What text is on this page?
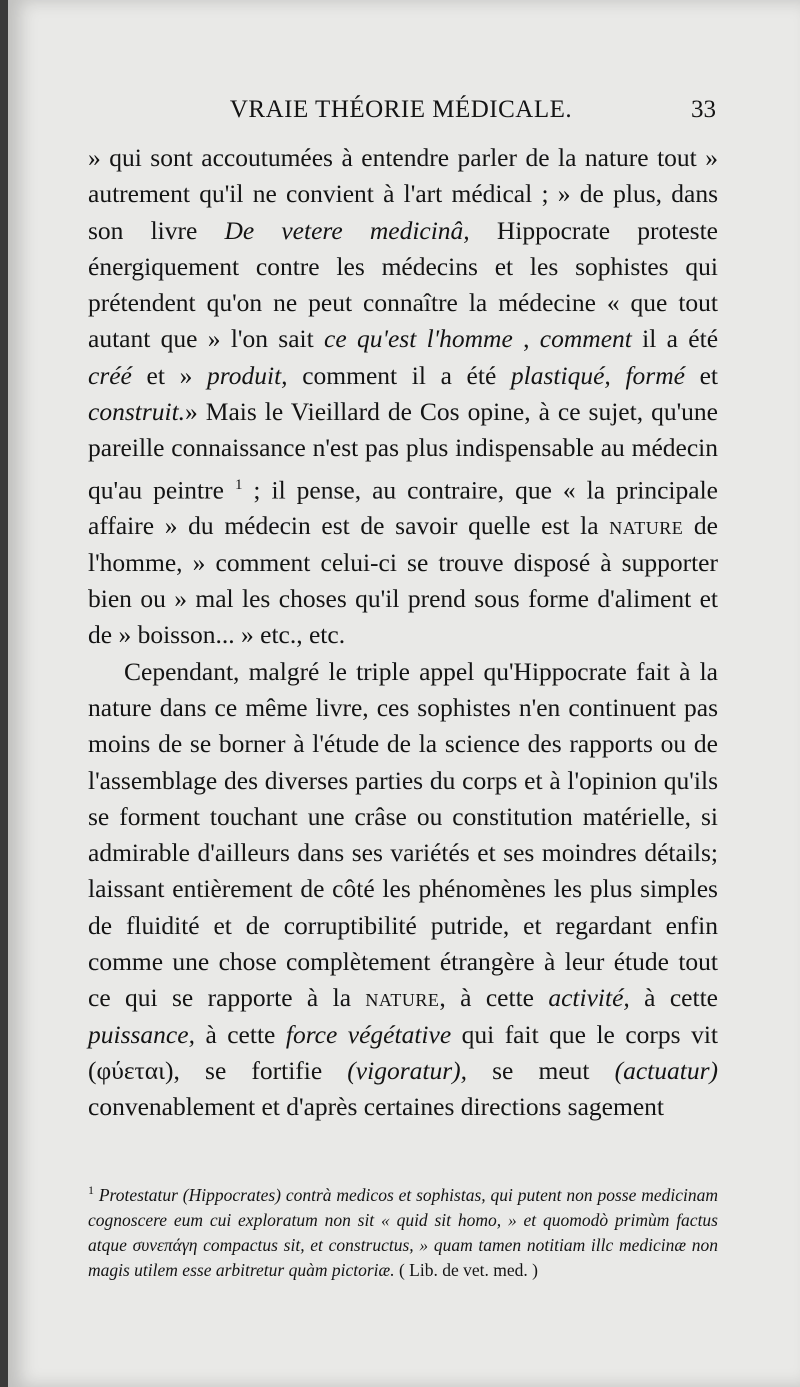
VRAIE THÉORIE MÉDICALE.	33

» qui sont accoutumées à entendre parler de la nature tout » autrement qu'il ne convient à l'art médical ; » de plus, dans son livre De vetere medicinâ, Hippocrate proteste énergiquement contre les médecins et les sophistes qui prétendent qu'on ne peut connaître la médecine « que tout autant que » l'on sait ce qu'est l'homme , comment il a été créé et » produit, comment il a été plastiqué, formé et construit.» Mais le Vieillard de Cos opine, à ce sujet, qu'une pareille connaissance n'est pas plus indispensable au médecin qu'au peintre $^1$ ; il pense, au contraire, que « la principale affaire » du médecin est de savoir quelle est la nature de l'homme, » comment celui-ci se trouve disposé à supporter bien ou » mal les choses qu'il prend sous forme d'aliment et de » boisson... » etc., etc.

Cependant, malgré le triple appel qu'Hippocrate fait à la nature dans ce même livre, ces sophistes n'en continuent pas moins de se borner à l'étude de la science des rapports ou de l'assemblage des diverses parties du corps et à l'opinion qu'ils se forment touchant une crâse ou constitution matérielle, si admirable d'ailleurs dans ses variétés et ses moindres détails; laissant entièrement de côté les phénomènes les plus simples de fluidité et de corruptibilité putride, et regardant enfin comme une chose complètement étrangère à leur étude tout ce qui se rapporte à la nature, à cette activité, à cette puissance, à cette force végétative qui fait que le corps vit (φύεται), se fortifie (vigoratur), se meut (actuatur) convenablement et d'après certaines directions sagement

$^1$ Protestatur (Hippocrates) contrà medicos et sophistas, qui putent non posse medicinam cognoscere eum cui exploratum non sit « quid sit homo, » et quomodò primùm factus atque συνεπάγη compactus sit, et constructus, » quam tamen notitiam illc medicinæ non magis utilem esse arbitretur quàm pictoriæ. ( Lib. de vet. med. )
